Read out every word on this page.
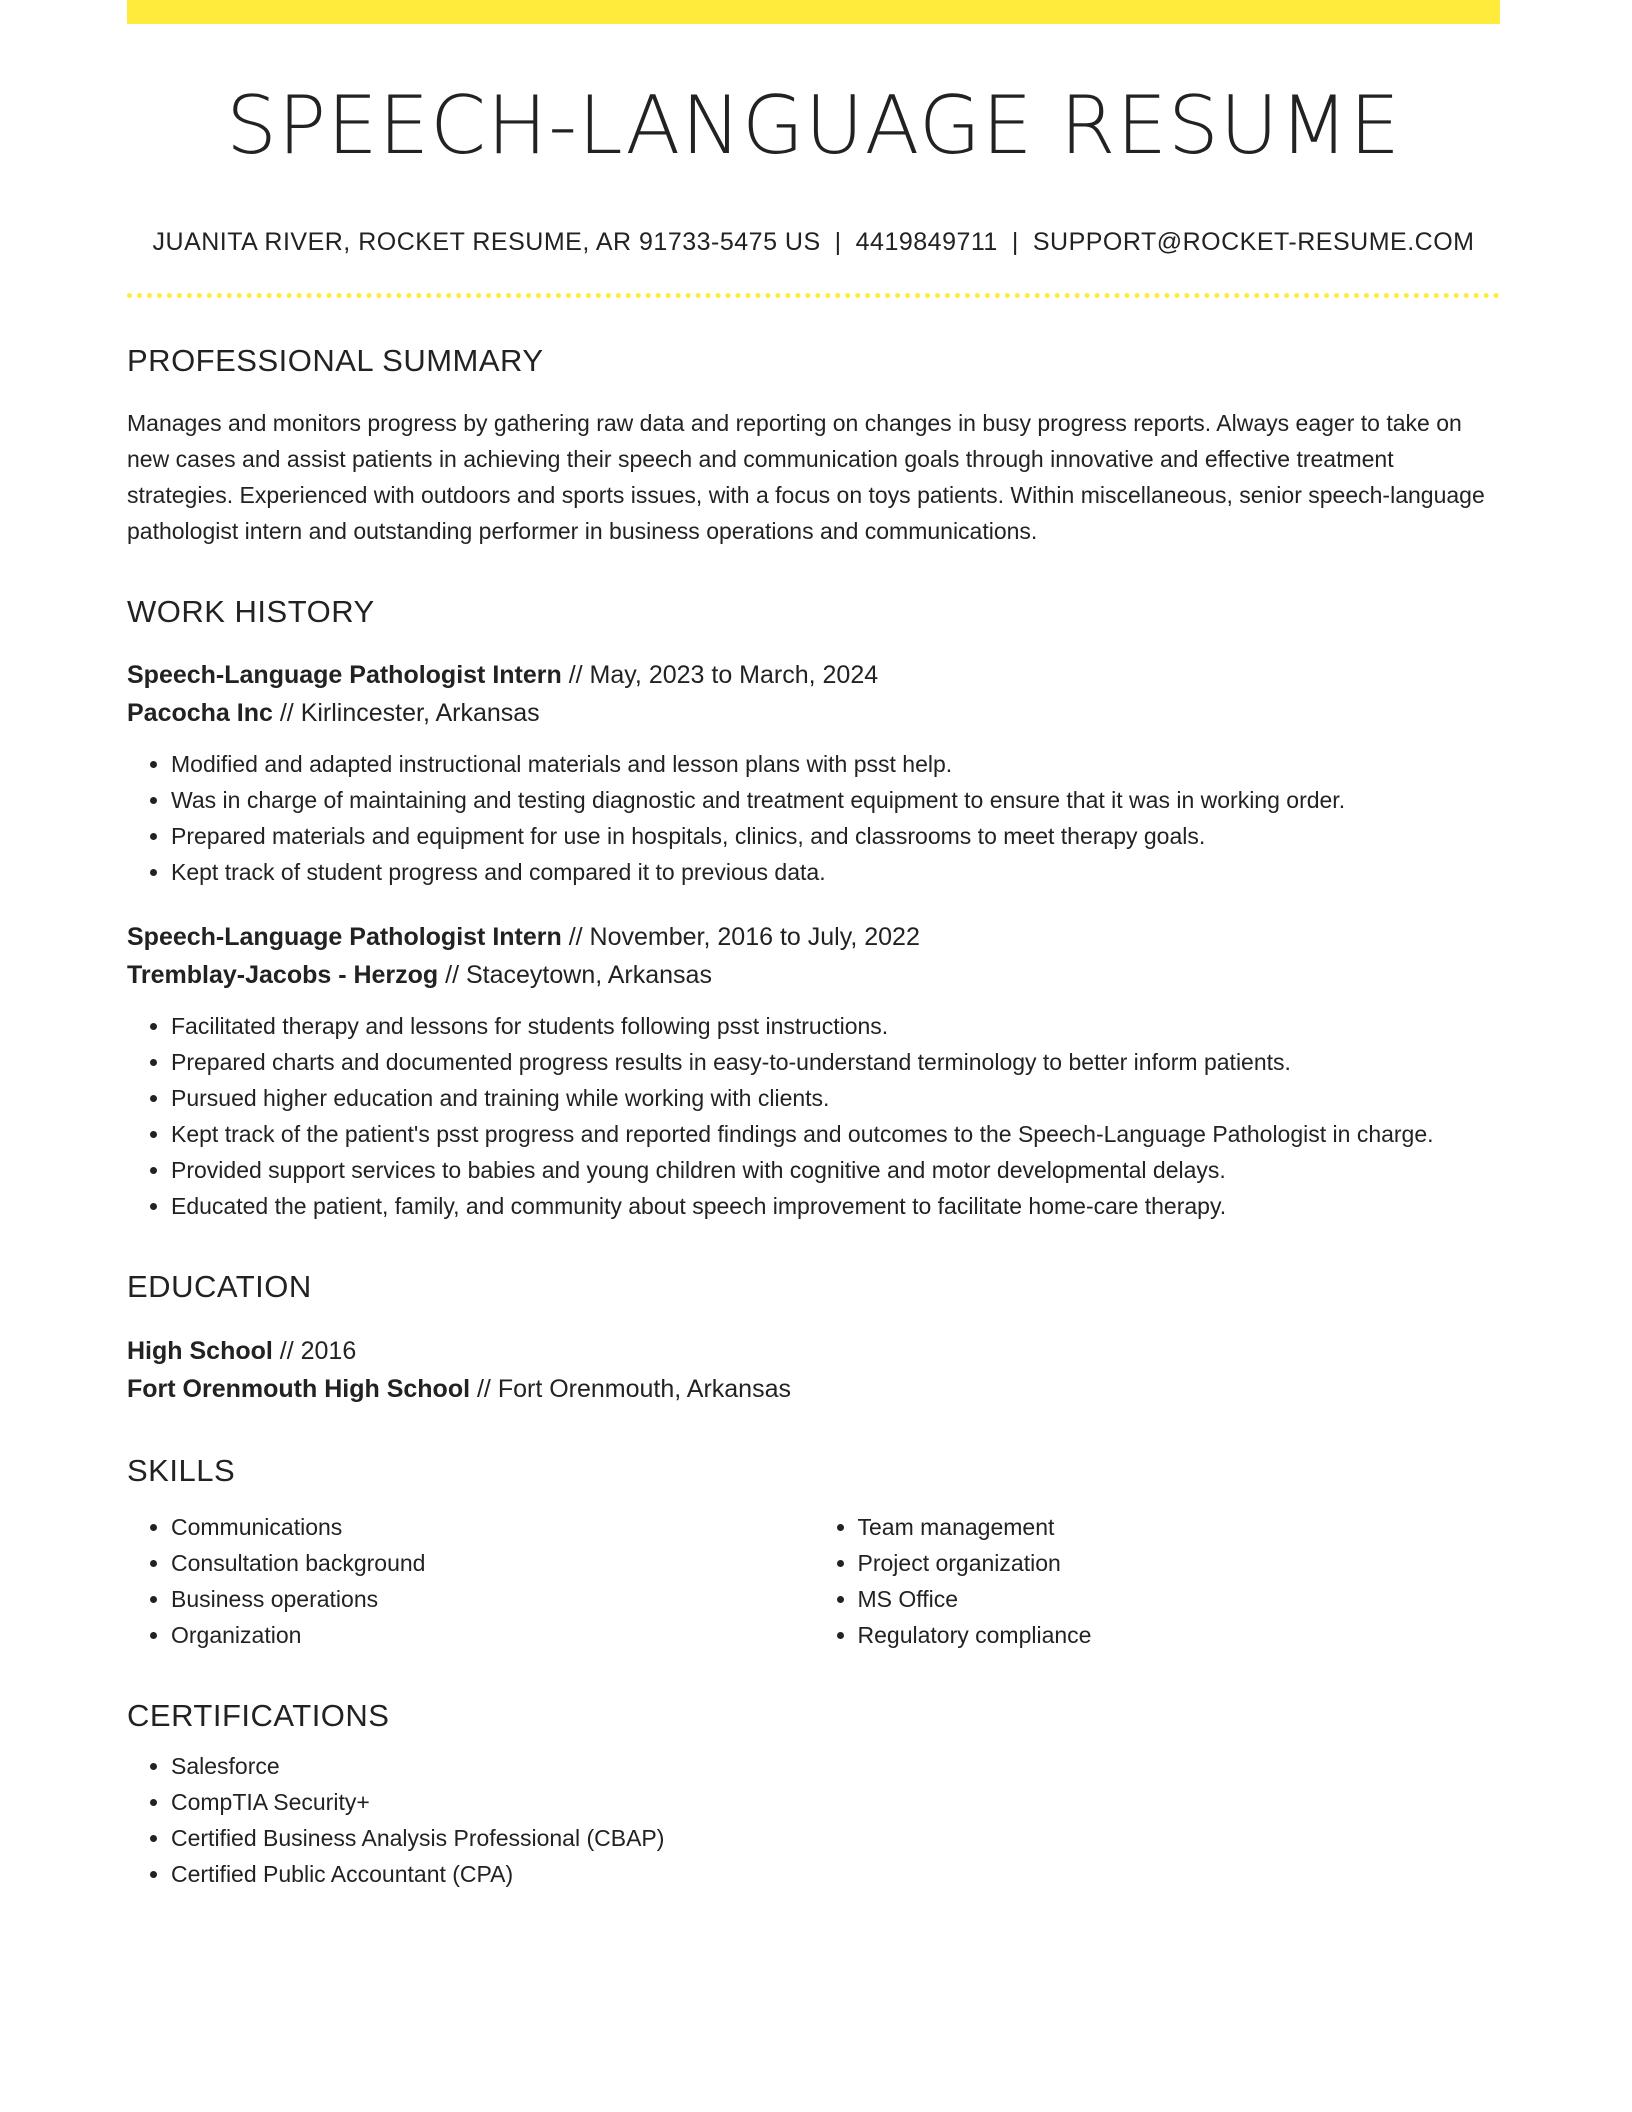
SPEECH-LANGUAGE RESUME
JUANITA RIVER, ROCKET RESUME, AR 91733-5475 US | 4419849711 | SUPPORT@ROCKET-RESUME.COM
PROFESSIONAL SUMMARY

Manages and monitors progress by gathering raw data and reporting on changes in busy progress reports. Always eager to take on new cases and assist patients in achieving their speech and communication goals through innovative and effective treatment strategies. Experienced with outdoors and sports issues, with a focus on toys patients. Within miscellaneous, senior speech-language pathologist intern and outstanding performer in business operations and communications.

WORK HISTORY
Speech-Language Pathologist Intern // May, 2023 to March, 2024
Pacocha Inc // Kirlincester, Arkansas
• Modified and adapted instructional materials and lesson plans with psst help.
• Was in charge of maintaining and testing diagnostic and treatment equipment to ensure that it was in working order.
• Prepared materials and equipment for use in hospitals, clinics, and classrooms to meet therapy goals.
• Kept track of student progress and compared it to previous data.
Speech-Language Pathologist Intern // November, 2016 to July, 2022
Tremblay-Jacobs - Herzog // Staceytown, Arkansas
• Facilitated therapy and lessons for students following psst instructions.
• Prepared charts and documented progress results in easy-to-understand terminology to better inform patients.
• Pursued higher education and training while working with clients.
• Kept track of the patient's psst progress and reported findings and outcomes to the Speech-Language Pathologist in charge.
• Provided support services to babies and young children with cognitive and motor developmental delays.
• Educated the patient, family, and community about speech improvement to facilitate home-care therapy.
EDUCATION
High School // 2016
Fort Orenmouth High School // Fort Orenmouth, Arkansas
SKILLS
• Communications
• Consultation background
• Business operations
• Organization
• Team management
• Project organization
• MS Office
• Regulatory compliance
CERTIFICATIONS
• Salesforce
• CompTIA Security+
• Certified Business Analysis Professional (CBAP)
• Certified Public Accountant (CPA)
